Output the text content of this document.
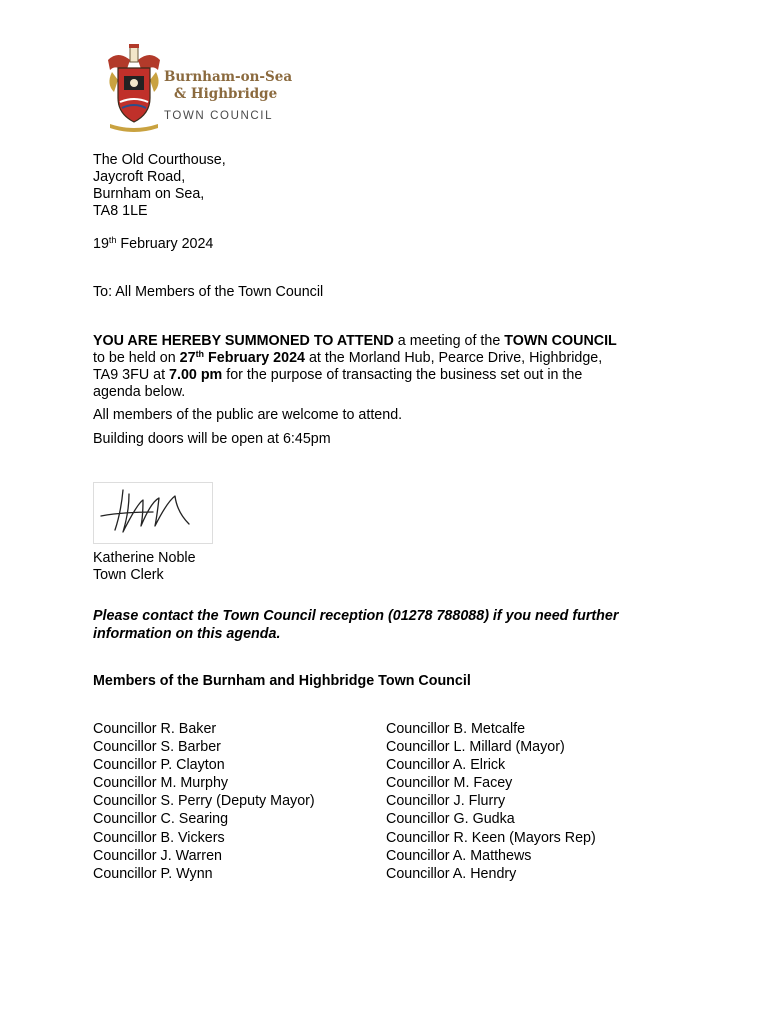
Burnham-on-Sea
& Highbridge
TOWN COUNCIL
The Old Courthouse,
Jaycroft Road,
Burnham on Sea,
TA8 1LE
19th February 2024
To: All Members of the Town Council
YOU ARE HEREBY SUMMONED TO ATTEND a meeting of the TOWN COUNCIL
to be held on 27th February 2024 at the Morland Hub, Pearce Drive, Highbridge,
TA9 3FU at 7.00 pm for the purpose of transacting the business set out in the
agenda below.
All members of the public are welcome to attend.
Building doors will be open at 6:45pm
Katherine Noble
Town Clerk
Please contact the Town Council reception (01278 788088) if you need further
information on this agenda.
Members of the Burnham and Highbridge Town Council
Councillor R. Baker
Councillor S. Barber
Councillor P. Clayton
Councillor M. Murphy
Councillor S. Perry (Deputy Mayor)
Councillor C. Searing
Councillor B. Vickers
Councillor J. Warren
Councillor P. Wynn
Councillor B. Metcalfe
Councillor L. Millard (Mayor)
Councillor A. Elrick
Councillor M. Facey
Councillor J. Flurry
Councillor G. Gudka
Councillor R. Keen (Mayors Rep)
Councillor A. Matthews
Councillor A. Hendry
